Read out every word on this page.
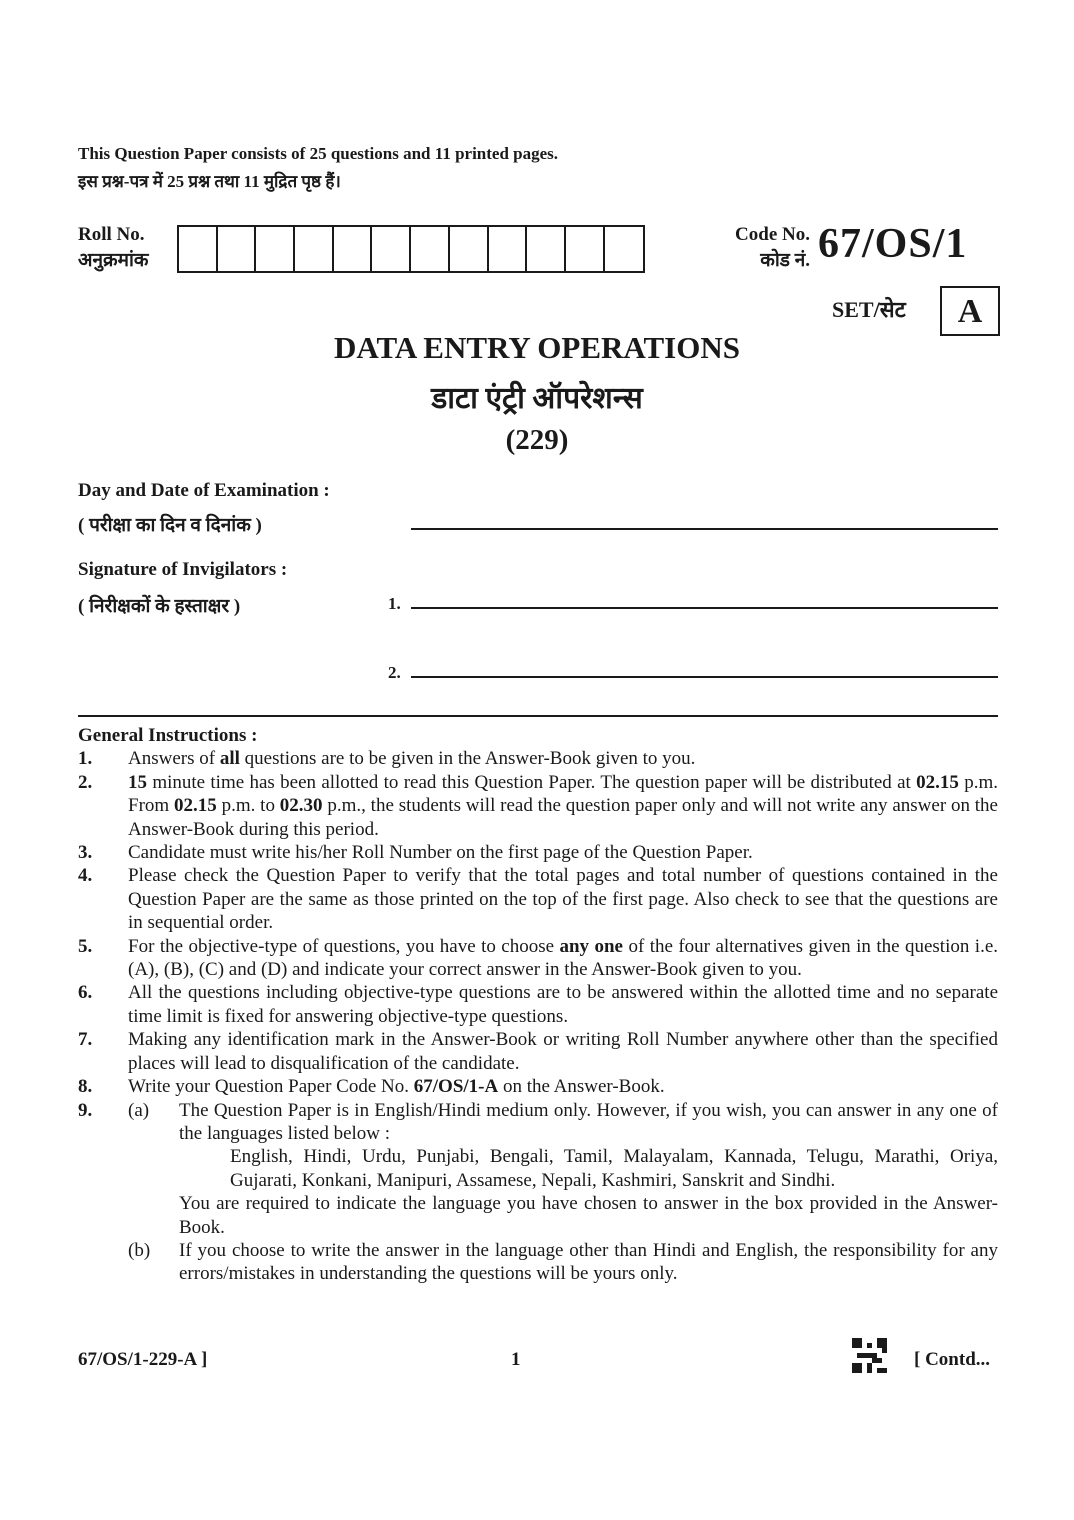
This Question Paper consists of 25 questions and 11 printed pages.
इस प्रश्न-पत्र में 25 प्रश्न तथा 11 मुद्रित पृष्ठ हैं।
Roll No.
अनुक्रमांक
Code No.
कोड नं. 67/OS/1
SET/सेट	A
DATA ENTRY OPERATIONS
डाटा एंट्री ऑपरेशन्स
(229)
Day and Date of Examination :
( परीक्षा का दिन व दिनांक )
Signature of Invigilators :
( निरीक्षकों के हस्ताक्षर )	1.
2.
General Instructions :
1.	Answers of all questions are to be given in the Answer-Book given to you.
2.	15 minute time has been allotted to read this Question Paper. The question paper will be distributed at 02.15 p.m. From 02.15 p.m. to 02.30 p.m., the students will read the question paper only and will not write any answer on the Answer-Book during this period.
3.	Candidate must write his/her Roll Number on the first page of the Question Paper.
4.	Please check the Question Paper to verify that the total pages and total number of questions contained in the Question Paper are the same as those printed on the top of the first page. Also check to see that the questions are in sequential order.
5.	For the objective-type of questions, you have to choose any one of the four alternatives given in the question i.e. (A), (B), (C) and (D) and indicate your correct answer in the Answer-Book given to you.
6.	All the questions including objective-type questions are to be answered within the allotted time and no separate time limit is fixed for answering objective-type questions.
7.	Making any identification mark in the Answer-Book or writing Roll Number anywhere other than the specified places will lead to disqualification of the candidate.
8.	Write your Question Paper Code No. 67/OS/1-A on the Answer-Book.
9.	(a)	The Question Paper is in English/Hindi medium only. However, if you wish, you can answer in any one of the languages listed below :
English, Hindi, Urdu, Punjabi, Bengali, Tamil, Malayalam, Kannada, Telugu, Marathi, Oriya, Gujarati, Konkani, Manipuri, Assamese, Nepali, Kashmiri, Sanskrit and Sindhi.
You are required to indicate the language you have chosen to answer in the box provided in the Answer-Book.
(b)	If you choose to write the answer in the language other than Hindi and English, the responsibility for any errors/mistakes in understanding the questions will be yours only.
67/OS/1-229-A ]	1	[ Contd...
